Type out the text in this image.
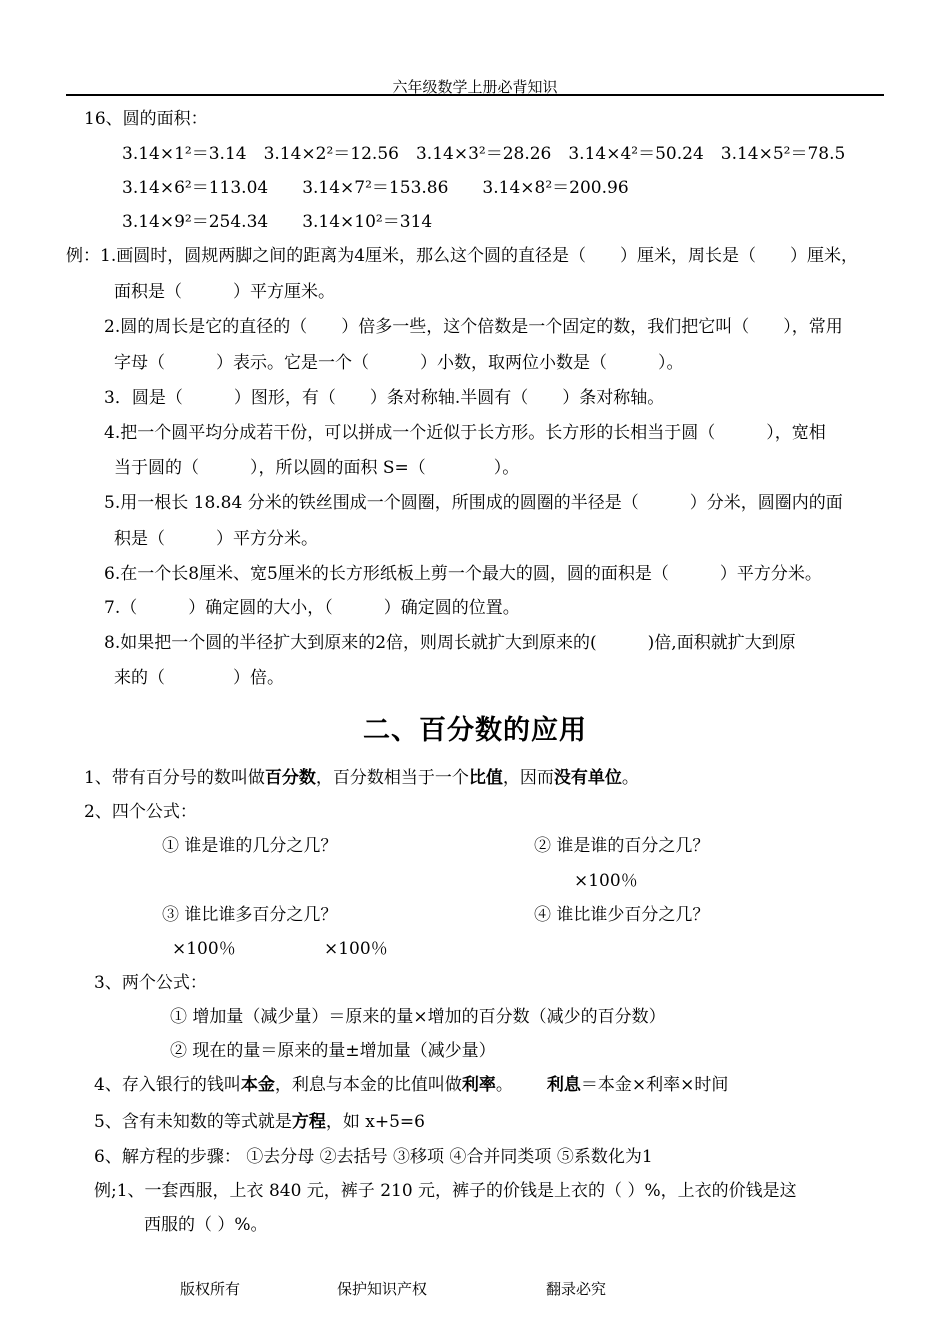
六年级数学上册必背知识
16、圆的面积：
3.14×1²＝3.14　3.14×2²＝12.56　3.14×3²＝28.26　3.14×4²＝50.24　3.14×5²＝78.5
3.14×6²＝113.04　　3.14×7²＝153.86　　3.14×8²＝200.96
3.14×9²＝254.34　　3.14×10²＝314
例：1.画圆时，圆规两脚之间的距离为4厘米，那么这个圆的直径是（　　）厘米，周长是（　　）厘米，
面积是（　　　）平方厘米。
2.圆的周长是它的直径的（　　）倍多一些，这个倍数是一个固定的数，我们把它叫（　　），常用
字母（　　　）表示。它是一个（　　　）小数，取两位小数是（　　　）。
3．圆是（　　　）图形，有（　　）条对称轴.半圆有（　　）条对称轴。
4.把一个圆平均分成若干份，可以拼成一个近似于长方形。长方形的长相当于圆（　　　），宽相
当于圆的（　　　），所以圆的面积 S=（　　　　）。
5.用一根长 18.84 分米的铁丝围成一个圆圈，所围成的圆圈的半径是（　　　）分米，圆圈内的面
积是（　　　）平方分米。
6.在一个长8厘米、宽5厘米的长方形纸板上剪一个最大的圆，圆的面积是（　　　）平方分米。
7.（　　　）确定圆的大小，（　　　）确定圆的位置。
8.如果把一个圆的半径扩大到原来的2倍，则周长就扩大到原来的(　　　)倍,面积就扩大到原
来的（　　　　）倍。
二、百分数的应用
1、带有百分号的数叫做百分数，百分数相当于一个比值，因而没有单位。
2、四个公式：
① 谁是谁的几分之几？	② 谁是谁的百分之几？
×100％
③ 谁比谁多百分之几？	④ 谁比谁少百分之几？
×100％	×100％
3、两个公式：
① 增加量（减少量）＝原来的量×增加的百分数（减少的百分数）
② 现在的量＝原来的量±增加量（减少量）
4、存入银行的钱叫本金，利息与本金的比值叫做利率。 利息＝本金×利率×时间
5、含有未知数的等式就是方程，如 x+5=6
6、解方程的步骤： ①去分母 ②去括号 ③移项 ④合并同类项 ⑤系数化为1
例;1、一套西服，上衣 840 元，裤子 210 元，裤子的价钱是上衣的（ ）%，上衣的价钱是这
西服的（ ）%。
版权所有	保护知识产权	翻录必究
